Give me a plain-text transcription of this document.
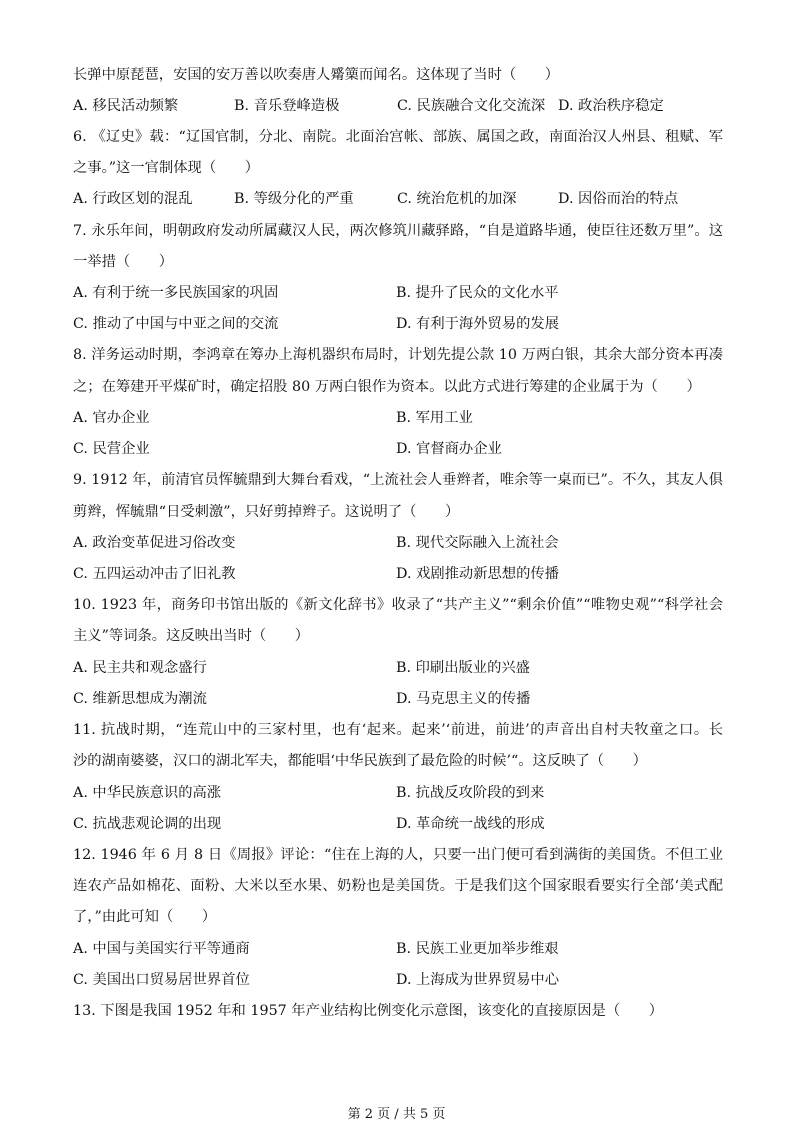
长弹中原琵琶，安国的安万善以吹奏唐人觱篥而闻名。这体现了当时（　　）
A. 移民活动频繁	B. 音乐登峰造极	C. 民族融合文化交流深 D. 政治秩序稳定
6. 《辽史》载：“辽国官制，分北、南院。北面治宫帐、部族、属国之政，南面治汉人州县、租赋、军
之事。”这一官制体现（　　）
A. 行政区划的混乱	B. 等级分化的严重	C. 统治危机的加深	D. 因俗而治的特点
7. 永乐年间，明朝政府发动所属藏汉人民，两次修筑川藏驿路，“自是道路毕通，使臣往还数万里”。这
一举措（　　）
A. 有利于统一多民族国家的巩固	B. 提升了民众的文化水平
C. 推动了中国与中亚之间的交流	D. 有利于海外贸易的发展
8. 洋务运动时期，李鸿章在筹办上海机器织布局时，计划先提公款 10 万两白银，其余大部分资本再凑
之；在筹建开平煤矿时，确定招股 80 万两白银作为资本。以此方式进行筹建的企业属于为（　　）
A. 官办企业	B. 军用工业
C. 民营企业	D. 官督商办企业
9. 1912 年，前清官员恽毓鼎到大舞台看戏，“上流社会人垂辫者，唯余等一桌而已”。不久，其友人俱
剪辫，恽毓鼎“日受刺激”，只好剪掉辫子。这说明了（　　）
A. 政治变革促进习俗改变	B. 现代交际融入上流社会
C. 五四运动冲击了旧礼教	D. 戏剧推动新思想的传播
10. 1923 年，商务印书馆出版的《新文化辞书》收录了“共产主义”“剩余价值”“唯物史观”“科学社会
主义”等词条。这反映出当时（　　）
A. 民主共和观念盛行	B. 印刷出版业的兴盛
C. 维新思想成为潮流	D. 马克思主义的传播
11. 抗战时期，“连荒山中的三家村里，也有‘起来。起来’‘前进，前进’的声音出自村夫牧童之口。长
沙的湖南婆婆，汉口的湖北军夫，都能唱‘中华民族到了最危险的时候’“。这反映了（　　）
A. 中华民族意识的高涨	B. 抗战反攻阶段的到来
C. 抗战悲观论调的出现	D. 革命统一战线的形成
12. 1946 年 6 月 8 日《周报》评论：“住在上海的人，只要一出门便可看到满街的美国货。不但工业
连农产品如棉花、面粉、大米以至水果、奶粉也是美国货。于是我们这个国家眼看要实行全部‘美式配
了，”由此可知（　　）
A. 中国与美国实行平等通商	B. 民族工业更加举步维艰
C. 美国出口贸易居世界首位	D. 上海成为世界贸易中心
13. 下图是我国 1952 年和 1957 年产业结构比例变化示意图，该变化的直接原因是（　　）
第 2 页 / 共 5 页
